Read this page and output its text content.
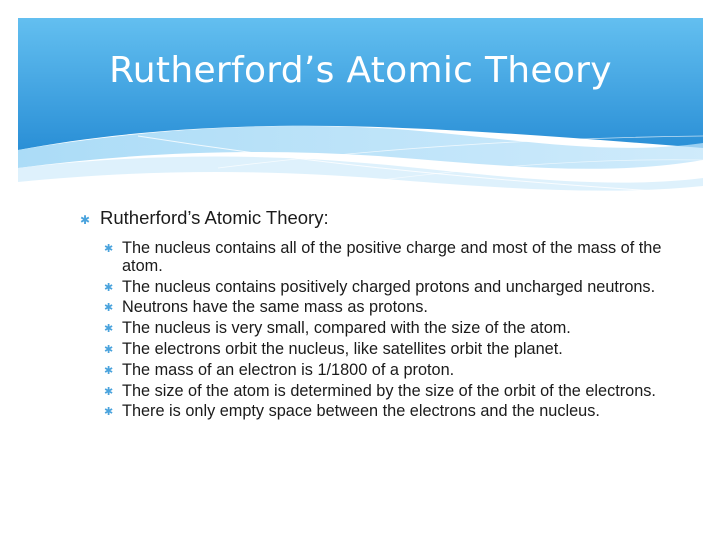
Rutherford’s Atomic Theory
✱ Rutherford’s Atomic Theory:
✱ The nucleus contains all of the positive charge and most of the mass of the atom.
✱ The nucleus contains positively charged protons and uncharged neutrons.
✱ Neutrons have the same mass as protons.
✱ The nucleus is very small, compared with the size of the atom.
✱ The electrons orbit the nucleus, like satellites orbit the planet.
✱ The mass of an electron is 1/1800 of a proton.
✱ The size of the atom is determined by the size of the orbit of the electrons.
✱ There is only empty space between the electrons and the nucleus.
